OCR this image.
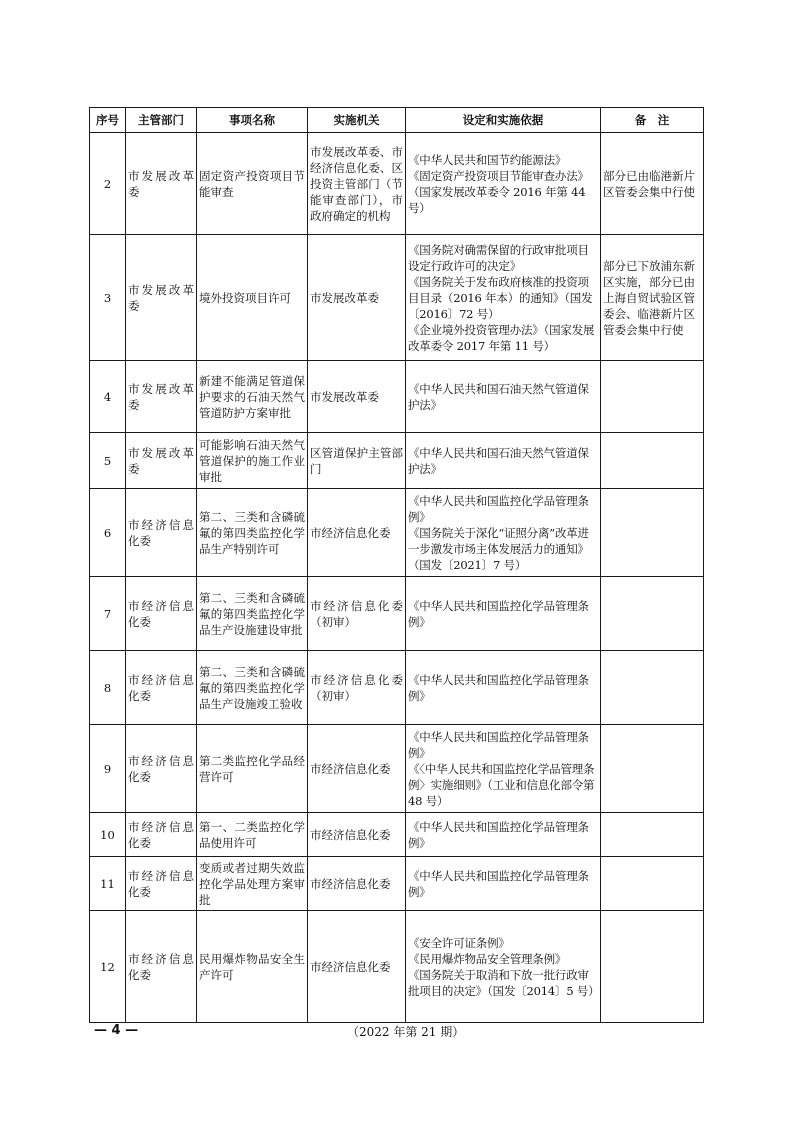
序号	主管部门	事项名称	实施机关	设定和实施依据	备　注

2	市发展改革委	固定资产投资项目节能审查	市发展改革委、市经济信息化委、区投资主管部门（节能审查部门），市政府确定的机构	《中华人民共和国节约能源法》
《固定资产投资项目节能审查办法》（国家发展改革委令 2016 年第 44 号）	部分已由临港新片区管委会集中行使

3	市发展改革委	境外投资项目许可	市发展改革委	《国务院对确需保留的行政审批项目设定行政许可的决定》
《国务院关于发布政府核准的投资项目目录（2016 年本）的通知》（国发〔2016〕72 号）
《企业境外投资管理办法》（国家发展改革委令 2017 年第 11 号）	部分已下放浦东新区实施，部分已由上海自贸试验区管委会、临港新片区管委会集中行使

4	市发展改革委	新建不能满足管道保护要求的石油天然气管道防护方案审批	市发展改革委	《中华人民共和国石油天然气管道保护法》	

5	市发展改革委	可能影响石油天然气管道保护的施工作业审批	区管道保护主管部门	《中华人民共和国石油天然气管道保护法》	

6	市经济信息化委	第二、三类和含磷硫氟的第四类监控化学品生产特别许可	市经济信息化委	《中华人民共和国监控化学品管理条例》
《国务院关于深化“证照分离”改革进一步激发市场主体发展活力的通知》（国发〔2021〕7 号）	

7	市经济信息化委	第二、三类和含磷硫氟的第四类监控化学品生产设施建设审批	市经济信息化委（初审）	《中华人民共和国监控化学品管理条例》	

8	市经济信息化委	第二、三类和含磷硫氟的第四类监控化学品生产设施竣工验收	市经济信息化委（初审）	《中华人民共和国监控化学品管理条例》	

9	市经济信息化委	第二类监控化学品经营许可	市经济信息化委	《中华人民共和国监控化学品管理条例》
《〈中华人民共和国监控化学品管理条例〉实施细则》（工业和信息化部令第 48 号）	

10	市经济信息化委	第一、二类监控化学品使用许可	市经济信息化委	《中华人民共和国监控化学品管理条例》	

11	市经济信息化委	变质或者过期失效监控化学品处理方案审批	市经济信息化委	《中华人民共和国监控化学品管理条例》	

12	市经济信息化委	民用爆炸物品安全生产许可	市经济信息化委	《安全许可证条例》
《民用爆炸物品安全管理条例》
《国务院关于取消和下放一批行政审批项目的决定》（国发〔2014〕5 号）	

— 4 —	（2022 年第 21 期）
